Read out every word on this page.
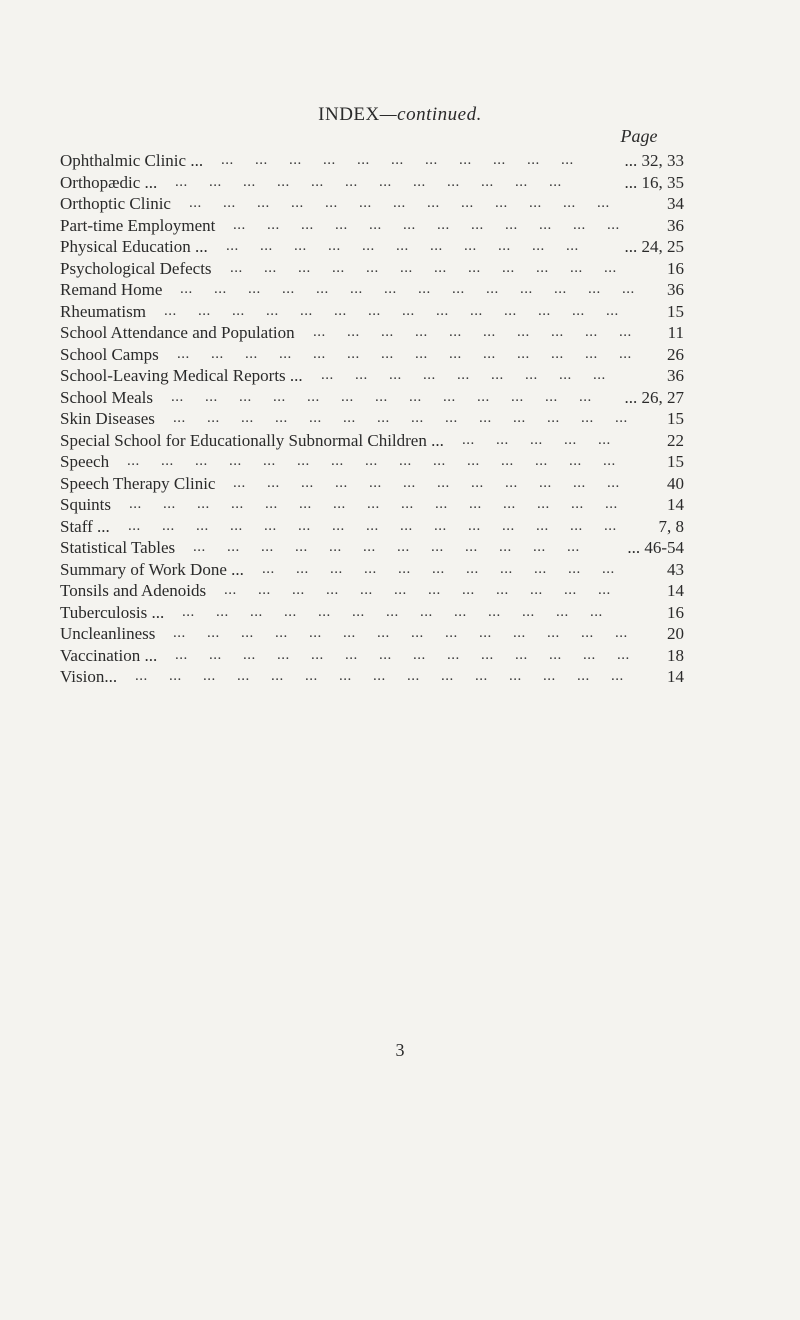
INDEX—continued.
Page
Ophthalmic Clinic ... ...     ...     ...     ...     ...     ...     ...     ...     ...     ...     ...	... 32, 33
Orthopædic ... ...     ...     ...     ...     ...     ...     ...     ...     ...     ...     ...     ...	... 16, 35
Orthoptic Clinic ...     ...     ...     ...     ...     ...     ...     ...     ...     ...     ...     ...     ...	34
Part-time Employment ...     ...     ...     ...     ...     ...     ...     ...     ...     ...     ...     ...	36
Physical Education ... ...     ...     ...     ...     ...     ...     ...     ...     ...     ...     ...	... 24, 25
Psychological Defects ...     ...     ...     ...     ...     ...     ...     ...     ...     ...     ...     ...	16
Remand Home ...     ...     ...     ...     ...     ...     ...     ...     ...     ...     ...     ...     ...     ... 36
Rheumatism ...     ...     ...     ...     ...     ...     ...     ...     ...     ...     ...     ...     ...     ...	15
School Attendance and Population ...     ...     ...     ...     ...     ...     ...     ...     ...     ... 11
School Camps ...     ...     ...     ...     ...     ...     ...     ...     ...     ...     ...     ...     ...     ... 26
School-Leaving Medical Reports ... ...     ...     ...     ...     ...     ...     ...     ...     ...	36
School Meals ...     ...     ...     ...     ...     ...     ...     ...     ...     ...     ...     ...     ... ... 26, 27
Skin Diseases ...     ...     ...     ...     ...     ...     ...     ...     ...     ...     ...     ...     ...     ... 15
Special School for Educationally Subnormal Children ... ...     ...     ...     ...     ...	22
Speech ...     ...     ...     ...     ...     ...     ...     ...     ...     ...     ...     ...     ...     ...     ...	15
Speech Therapy Clinic ...     ...     ...     ...     ...     ...     ...     ...     ...     ...     ...     ...	40
Squints ...     ...     ...     ...     ...     ...     ...     ...     ...     ...     ...     ...     ...     ...     ...	14
Staff ... ...     ...     ...     ...     ...     ...     ...     ...     ...     ...     ...     ...     ...     ...     ... 7, 8
Statistical Tables ...     ...     ...     ...     ...     ...     ...     ...     ...     ...     ...     ...	... 46-54
Summary of Work Done ... ...     ...     ...     ...     ...     ...     ...     ...     ...     ...     ...	43
Tonsils and Adenoids ...     ...     ...     ...     ...     ...     ...     ...     ...     ...     ...     ...	14
Tuberculosis ... ...     ...     ...     ...     ...     ...     ...     ...     ...     ...     ...     ...     ...	16
Uncleanliness ...     ...     ...     ...     ...     ...     ...     ...     ...     ...     ...     ...     ...     ... 20
Vaccination ... ...     ...     ...     ...     ...     ...     ...     ...     ...     ...     ...     ...     ...     ... 18
Vision... ...     ...     ...     ...     ...     ...     ...     ...     ...     ...     ...     ...     ...     ...     ...	14
3
